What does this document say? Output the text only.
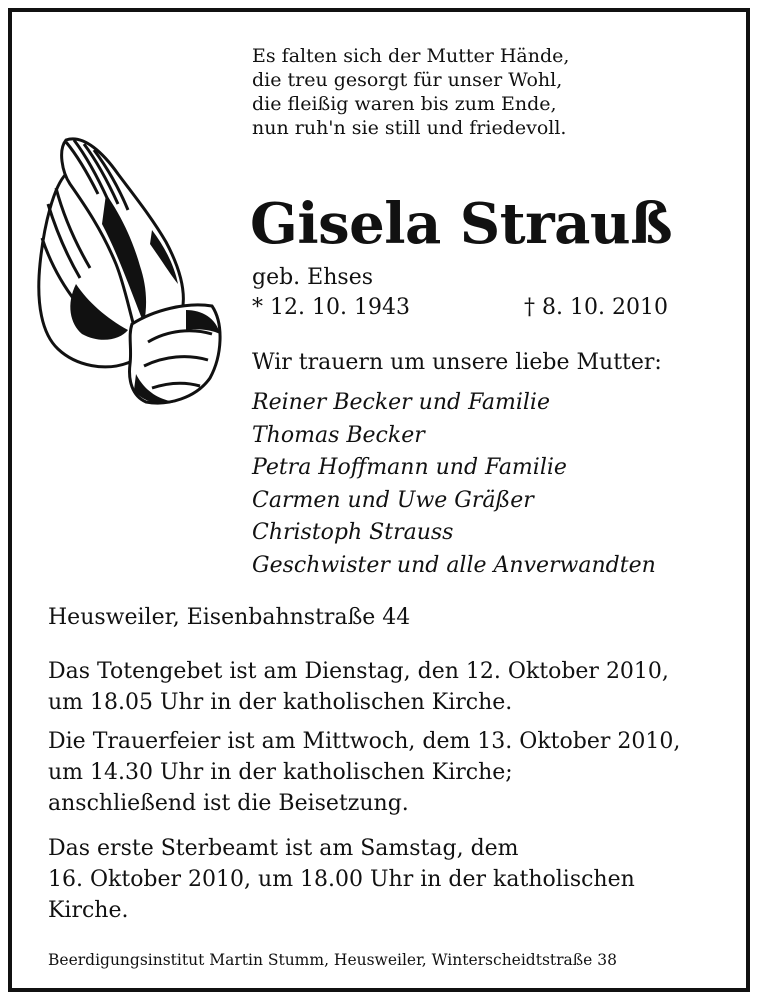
Es falten sich der Mutter Hände,
die treu gesorgt für unser Wohl,
die fleißig waren bis zum Ende,
nun ruh'n sie still und friedevoll.
Gisela Strauß
geb. Ehses
* 12. 10. 1943	† 8. 10. 2010
Wir trauern um unsere liebe Mutter:
Reiner Becker und Familie
Thomas Becker
Petra Hoffmann und Familie
Carmen und Uwe Gräßer
Christoph Strauss
Geschwister und alle Anverwandten
Heusweiler, Eisenbahnstraße 44
Das Totengebet ist am Dienstag, den 12. Oktober 2010,
um 18.05 Uhr in der katholischen Kirche.
Die Trauerfeier ist am Mittwoch, dem 13. Oktober 2010,
um 14.30 Uhr in der katholischen Kirche;
anschließend ist die Beisetzung.
Das erste Sterbeamt ist am Samstag, dem
16. Oktober 2010, um 18.00 Uhr in der katholischen
Kirche.
Beerdigungsinstitut Martin Stumm, Heusweiler, Winterscheidtstraße 38
